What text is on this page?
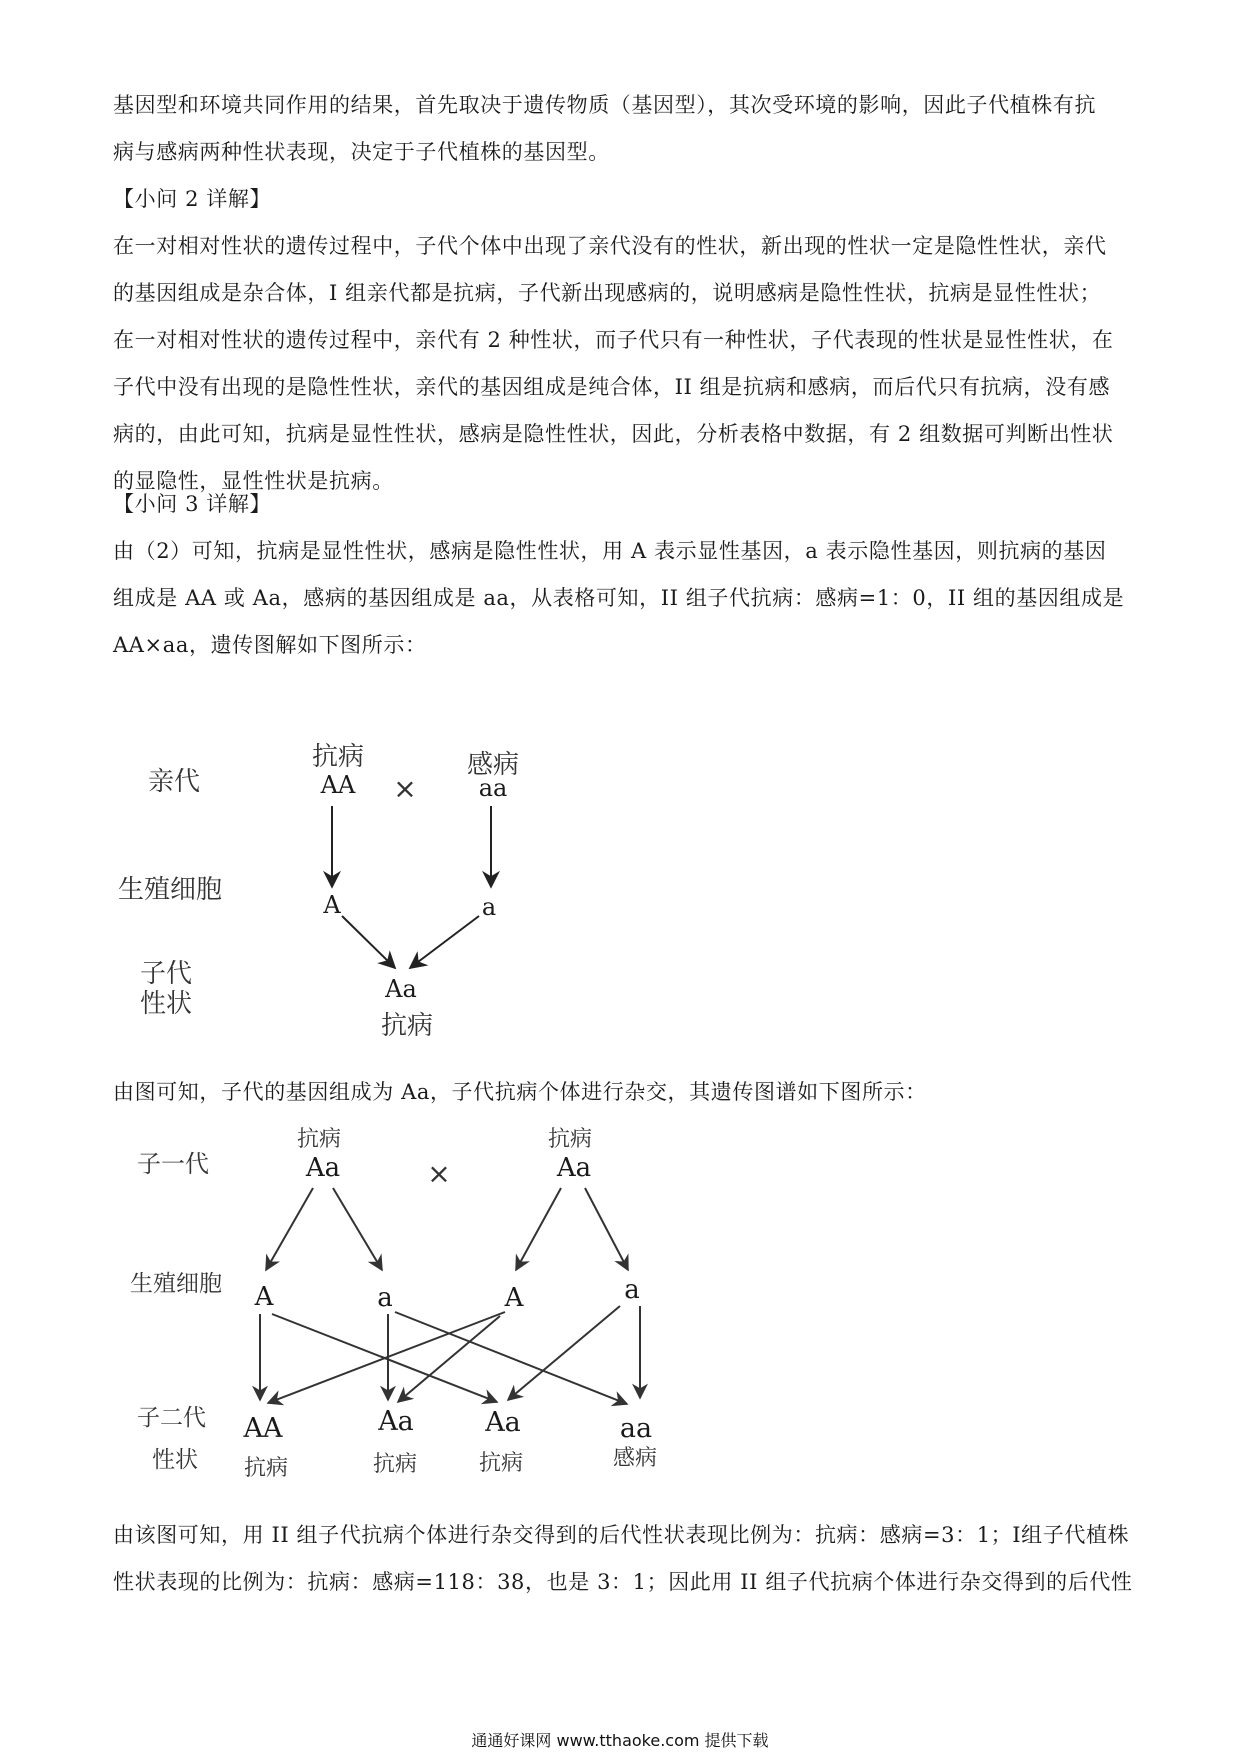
基因型和环境共同作用的结果，首先取决于遗传物质（基因型），其次受环境的影响，因此子代植株有抗
病与感病两种性状表现，决定于子代植株的基因型。
【小问 2 详解】
在一对相对性状的遗传过程中，子代个体中出现了亲代没有的性状，新出现的性状一定是隐性性状，亲代
的基因组成是杂合体，I 组亲代都是抗病，子代新出现感病的，说明感病是隐性性状，抗病是显性性状；
在一对相对性状的遗传过程中，亲代有 2 种性状，而子代只有一种性状，子代表现的性状是显性性状，在
子代中没有出现的是隐性性状，亲代的基因组成是纯合体，II 组是抗病和感病，而后代只有抗病，没有感
病的，由此可知，抗病是显性性状，感病是隐性性状，因此，分析表格中数据，有 2 组数据可判断出性状
的显隐性，显性性状是抗病。
【小问 3 详解】
由（2）可知，抗病是显性性状，感病是隐性性状，用 A 表示显性基因，a 表示隐性基因，则抗病的基因
组成是 AA 或 Aa，感病的基因组成是 aa，从表格可知，II 组子代抗病：感病=1：0，II 组的基因组成是
AA×aa，遗传图解如下图所示：
亲代
生殖细胞
子代
性状
抗病
AA ×
感病
aa
A	a
Aa
抗病
由图可知，子代的基因组成为 Aa，子代抗病个体进行杂交，其遗传图谱如下图所示：
子一代
生殖细胞
子二代
性状
抗病
Aa	×
抗病
Aa
A	a	A	a
AA	Aa	Aa	aa
抗病	抗病	抗病	感病
由该图可知，用 II 组子代抗病个体进行杂交得到的后代性状表现比例为：抗病：感病=3：1；I组子代植株
性状表现的比例为：抗病：感病=118：38，也是 3：1；因此用 II 组子代抗病个体进行杂交得到的后代性
通通好课网 www.tthaoke.com 提供下载
